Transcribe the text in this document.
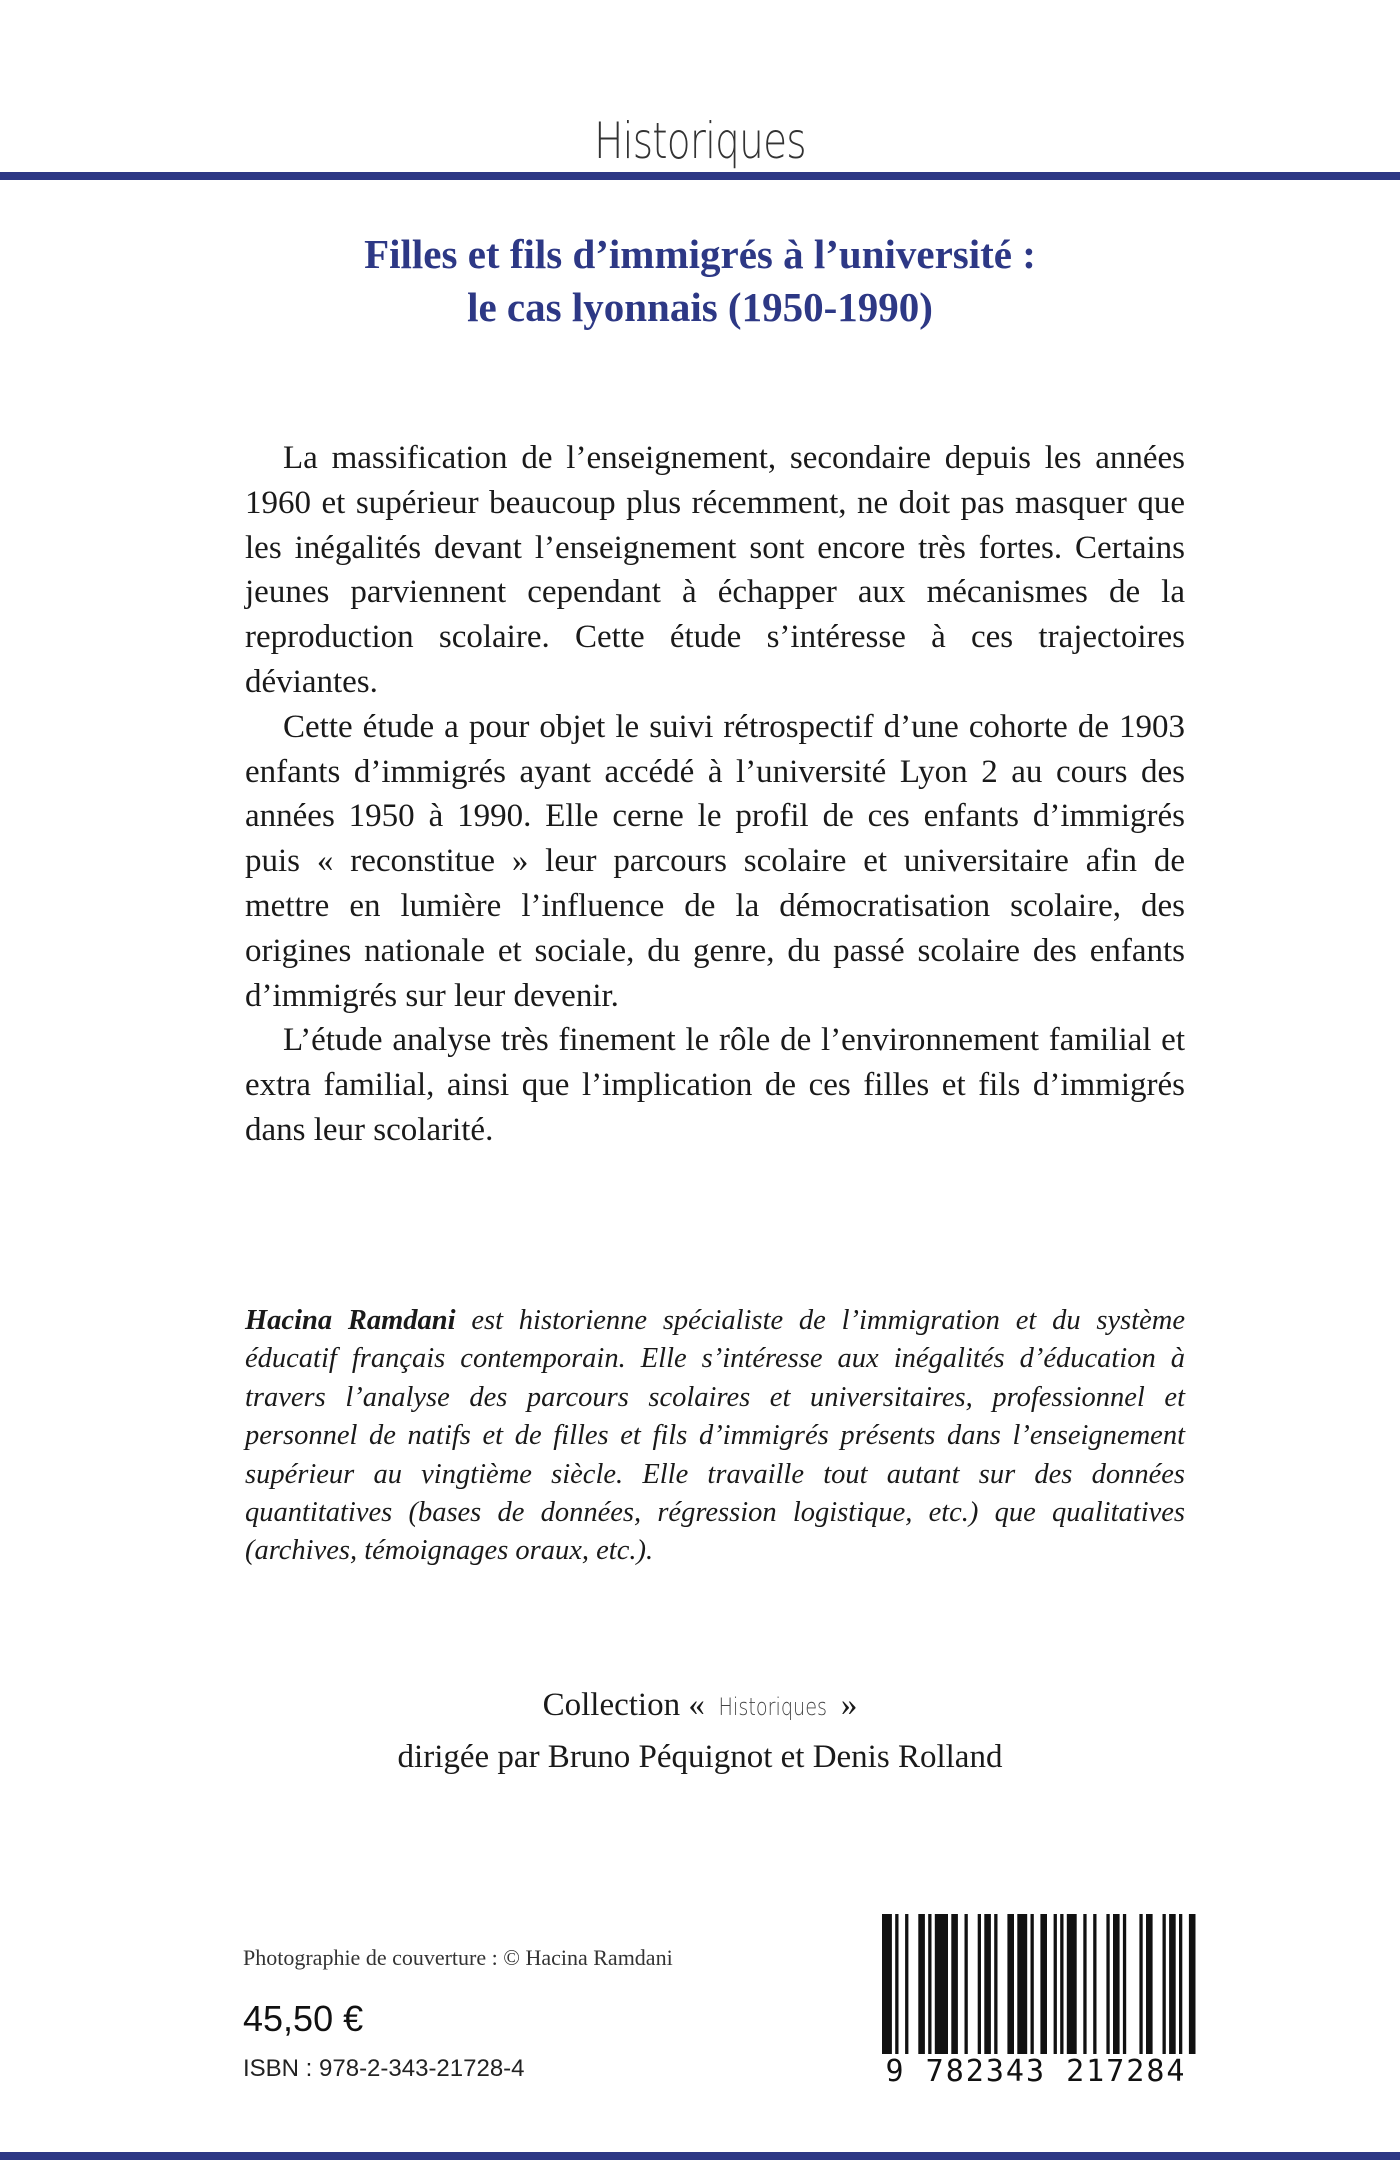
Historiques
Filles et fils d’immigrés à l’université :
le cas lyonnais (1950-1990)

La massification de l’enseignement, secondaire depuis les années 1960 et supérieur beaucoup plus récemment, ne doit pas masquer que les inégalités devant l’enseignement sont encore très fortes. Certains jeunes parviennent cependant à échapper aux mécanismes de la reproduction scolaire. Cette étude s’intéresse à ces trajectoires déviantes.

Cette étude a pour objet le suivi rétrospectif d’une cohorte de 1903 enfants d’immigrés ayant accédé à l’université Lyon 2 au cours des années 1950 à 1990. Elle cerne le profil de ces enfants d’immigrés puis « reconstitue » leur parcours scolaire et universitaire afin de mettre en lumière l’influence de la démocratisation scolaire, des origines nationale et sociale, du genre, du passé scolaire des enfants d’immigrés sur leur devenir.

L’étude analyse très finement le rôle de l’environnement familial et extra familial, ainsi que l’implication de ces filles et fils d’immigrés dans leur scolarité.

Hacina Ramdani est historienne spécialiste de l’immigration et du système éducatif français contemporain. Elle s’intéresse aux inégalités d’éducation à travers l’analyse des parcours scolaires et universitaires, professionnel et personnel de natifs et de filles et fils d’immigrés présents dans l’enseignement supérieur au vingtième siècle. Elle travaille tout autant sur des données quantitatives (bases de données, régression logistique, etc.) que qualitatives (archives, témoignages oraux, etc.).
Collection « Historiques »
dirigée par Bruno Péquignot et Denis Rolland
Photographie de couverture : © Hacina Ramdani
45,50 €
ISBN : 978-2-343-21728-4	9 782343 217284
